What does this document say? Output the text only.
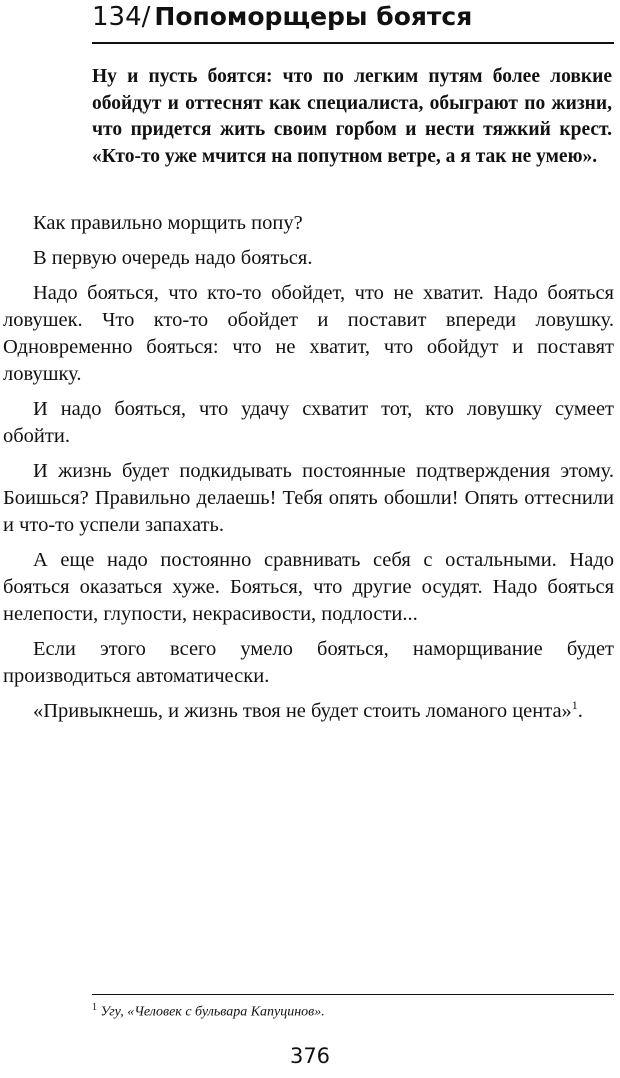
134/ Попоморщеры боятся

Ну и пусть боятся: что по легким путям более ловкие обойдут и оттеснят как специалиста, обыграют по жизни, что придется жить своим горбом и нести тяжкий крест. «Кто-то уже мчится на попутном ветре, а я так не умею».

Как правильно морщить попу?

В первую очередь надо бояться.

Надо бояться, что кто-то обойдет, что не хватит. Надо бояться ловушек. Что кто-то обойдет и поставит впереди ловушку. Одновременно бояться: что не хватит, что обойдут и поставят ловушку.

И надо бояться, что удачу схватит тот, кто ловушку сумеет обойти.

И жизнь будет подкидывать постоянные подтверждения этому. Боишься? Правильно делаешь! Тебя опять обошли! Опять оттеснили и что-то успели запахать.

А еще надо постоянно сравнивать себя с остальными. Надо бояться оказаться хуже. Бояться, что другие осудят. Надо бояться нелепости, глупости, некрасивости, подлости...

Если этого всего умело бояться, наморщивание будет производиться автоматически.

«Привыкнешь, и жизнь твоя не будет стоить ломаного цента»$^1$.

$^1$ Угу, «Человек с бульвара Капуцинов».
376
